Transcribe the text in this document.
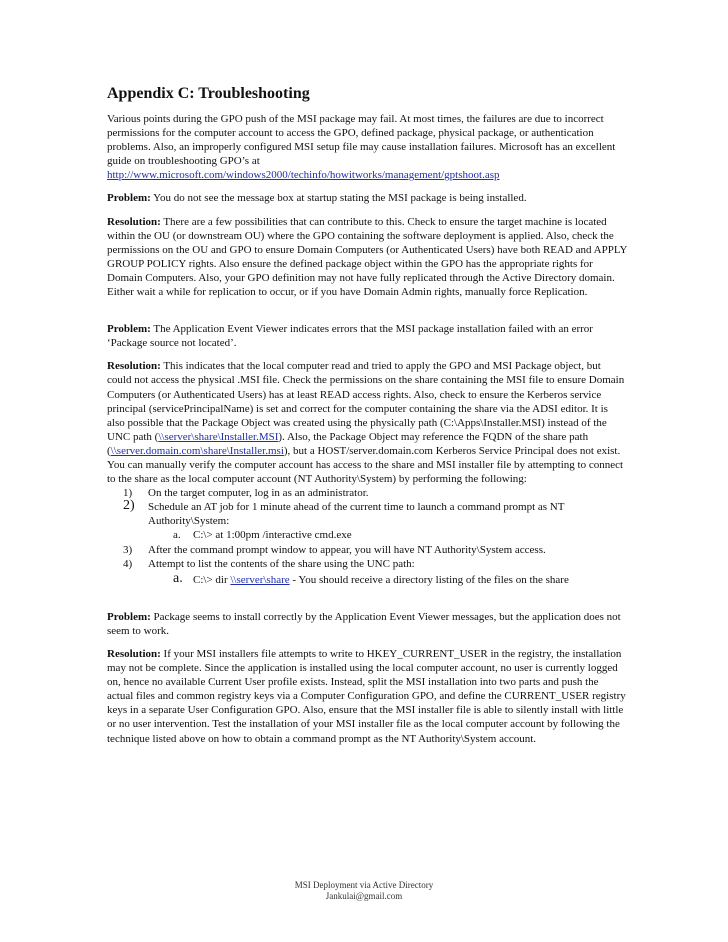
Appendix C: Troubleshooting

Various points during the GPO push of the MSI package may fail. At most times, the failures are due to incorrect permissions for the computer account to access the GPO, defined package, physical package, or authentication problems. Also, an improperly configured MSI setup file may cause installation failures. Microsoft has an excellent guide on troubleshooting GPO’s at http://www.microsoft.com/windows2000/techinfo/howitworks/management/gptshoot.asp

Problem: You do not see the message box at startup stating the MSI package is being installed.

Resolution: There are a few possibilities that can contribute to this. Check to ensure the target machine is located within the OU (or downstream OU) where the GPO containing the software deployment is applied. Also, check the permissions on the OU and GPO to ensure Domain Computers (or Authenticated Users) have both READ and APPLY GROUP POLICY rights. Also ensure the defined package object within the GPO has the appropriate rights for Domain Computers. Also, your GPO definition may not have fully replicated through the Active Directory domain. Either wait a while for replication to occur, or if you have Domain Admin rights, manually force Replication.

Problem: The Application Event Viewer indicates errors that the MSI package installation failed with an error ‘Package source not located’.

Resolution: This indicates that the local computer read and tried to apply the GPO and MSI Package object, but could not access the physical .MSI file. Check the permissions on the share containing the MSI file to ensure Domain Computers (or Authenticated Users) has at least READ access rights. Also, check to ensure the Kerberos service principal (servicePrincipalName) is set and correct for the computer containing the share via the ADSI editor. It is also possible that the Package Object was created using the physically path (C:\Apps\Installer.MSI) instead of the UNC path (\\server\share\Installer.MSI). Also, the Package Object may reference the FQDN of the share path (\\server.domain.com\share\Installer.msi), but a HOST/server.domain.com Kerberos Service Principal does not exist.

You can manually verify the computer account has access to the share and MSI installer file by attempting to connect to the share as the local computer account (NT Authority\System) by performing the following:

1) On the target computer, log in as an administrator.
2) Schedule an AT job for 1 minute ahead of the current time to launch a command prompt as NT Authority\System:
a. C:\> at 1:00pm /interactive cmd.exe
3) After the command prompt window to appear, you will have NT Authority\System access.
4) Attempt to list the contents of the share using the UNC path:
a. C:\> dir \\server\share - You should receive a directory listing of the files on the share

Problem: Package seems to install correctly by the Application Event Viewer messages, but the application does not seem to work.

Resolution: If your MSI installers file attempts to write to HKEY_CURRENT_USER in the registry, the installation may not be complete. Since the application is installed using the local computer account, no user is currently logged on, hence no available Current User profile exists. Instead, split the MSI installation into two parts and push the actual files and common registry keys via a Computer Configuration GPO, and define the CURRENT_USER registry keys in a separate User Configuration GPO. Also, ensure that the MSI installer file is able to silently install with little or no user intervention. Test the installation of your MSI installer file as the local computer account by following the technique listed above on how to obtain a command prompt as the NT Authority\System account.

MSI Deployment via Active Directory
Jankulai@gmail.com
